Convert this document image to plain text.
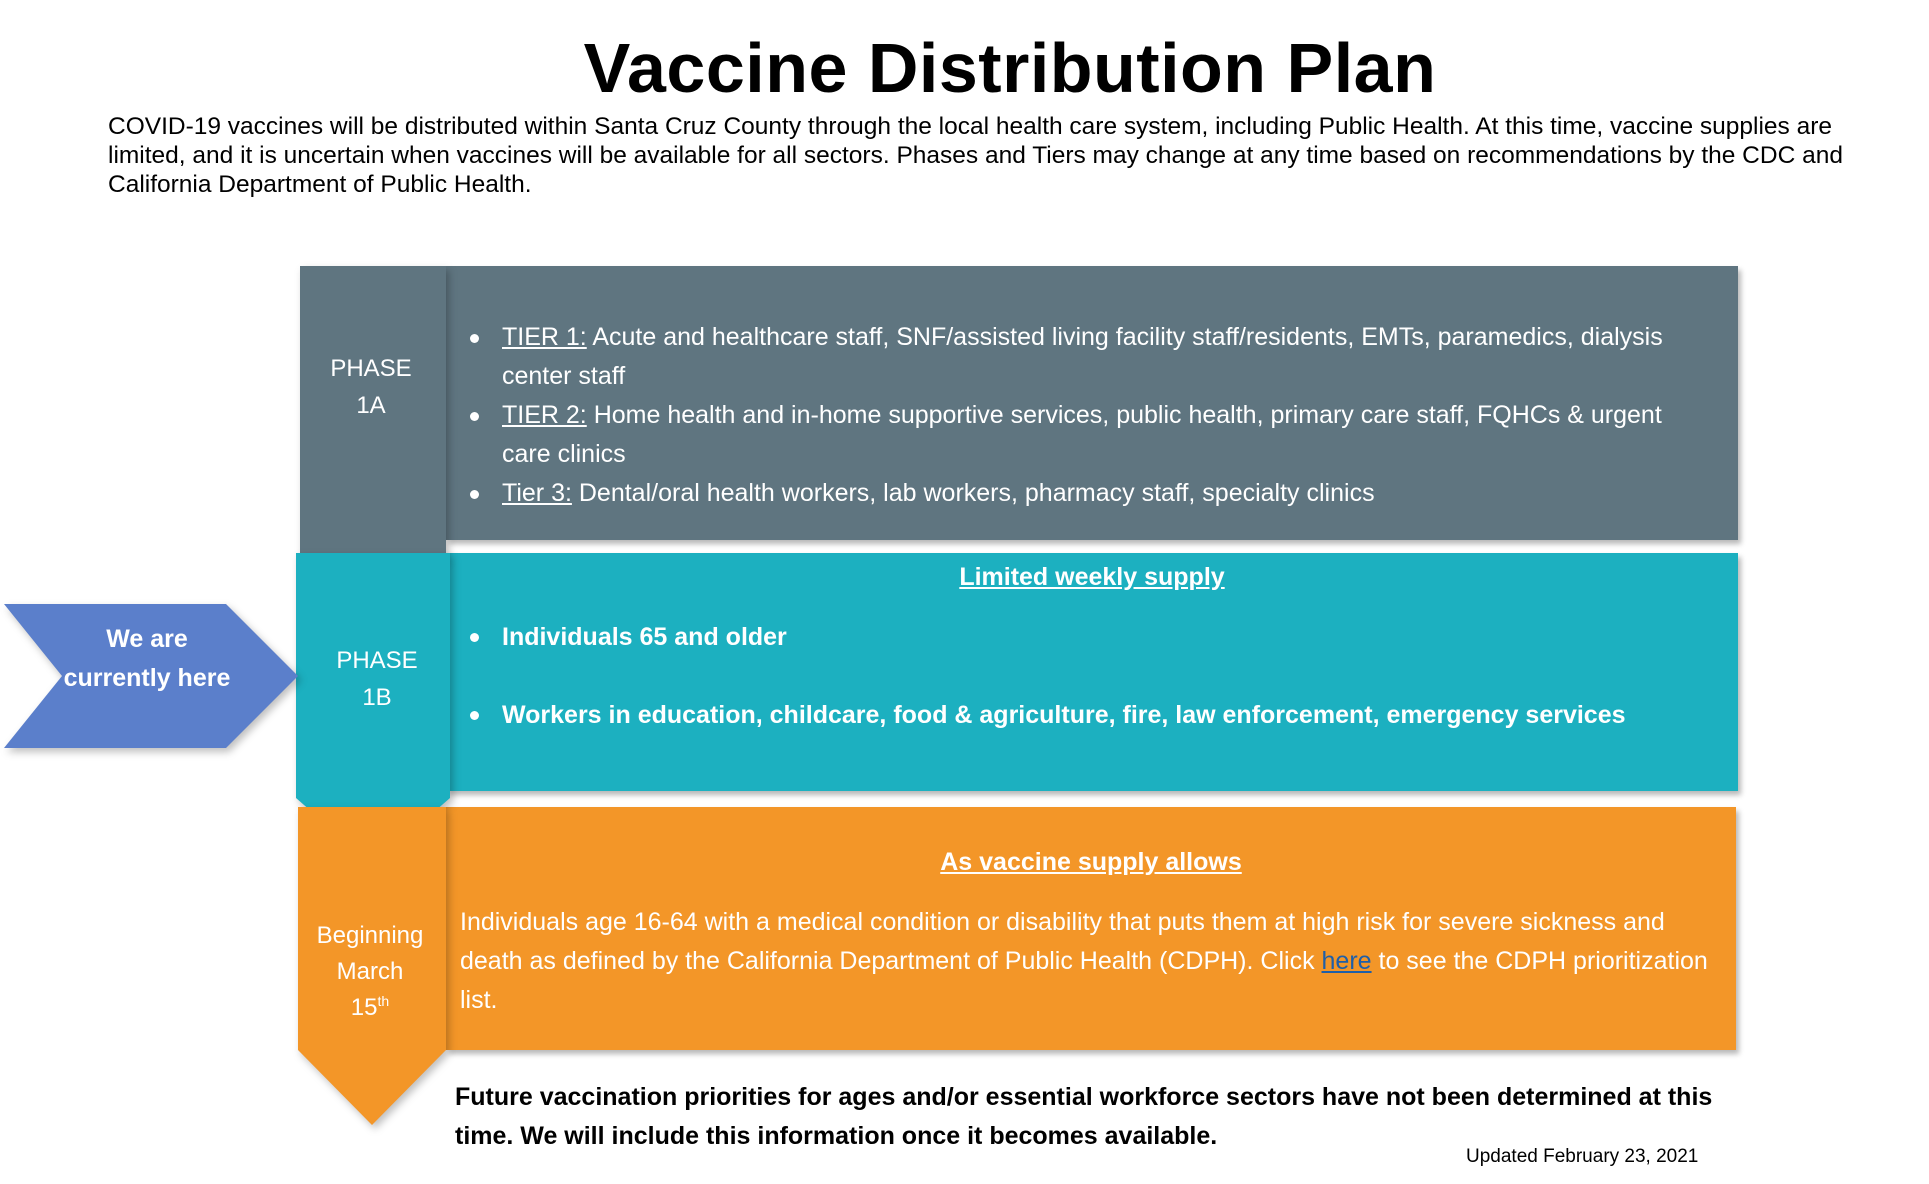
Vaccine Distribution Plan
COVID-19 vaccines will be distributed within Santa Cruz County through the local health care system, including Public Health. At this time, vaccine supplies are limited, and it is uncertain when vaccines will be available for all sectors. Phases and Tiers may change at any time based on recommendations by the CDC and California Department of Public Health.
PHASE
1A
PHASE
1B
Beginning
March
15th
We are currently here
TIER 1: Acute and healthcare staff, SNF/assisted living facility staff/residents, EMTs, paramedics, dialysis center staff
TIER 2: Home health and in-home supportive services, public health, primary care staff, FQHCs & urgent care clinics
Tier 3: Dental/oral health workers, lab workers, pharmacy staff, specialty clinics
Limited weekly supply
Individuals 65 and older
Workers in education, childcare, food & agriculture, fire, law enforcement, emergency services
As vaccine supply allows
Individuals age 16-64 with a medical condition or disability that puts them at high risk for severe sickness and death as defined by the California Department of Public Health (CDPH). Click here to see the CDPH prioritization list.
Future vaccination priorities for ages and/or essential workforce sectors have not been determined at this time. We will include this information once it becomes available.
Updated February 23, 2021
